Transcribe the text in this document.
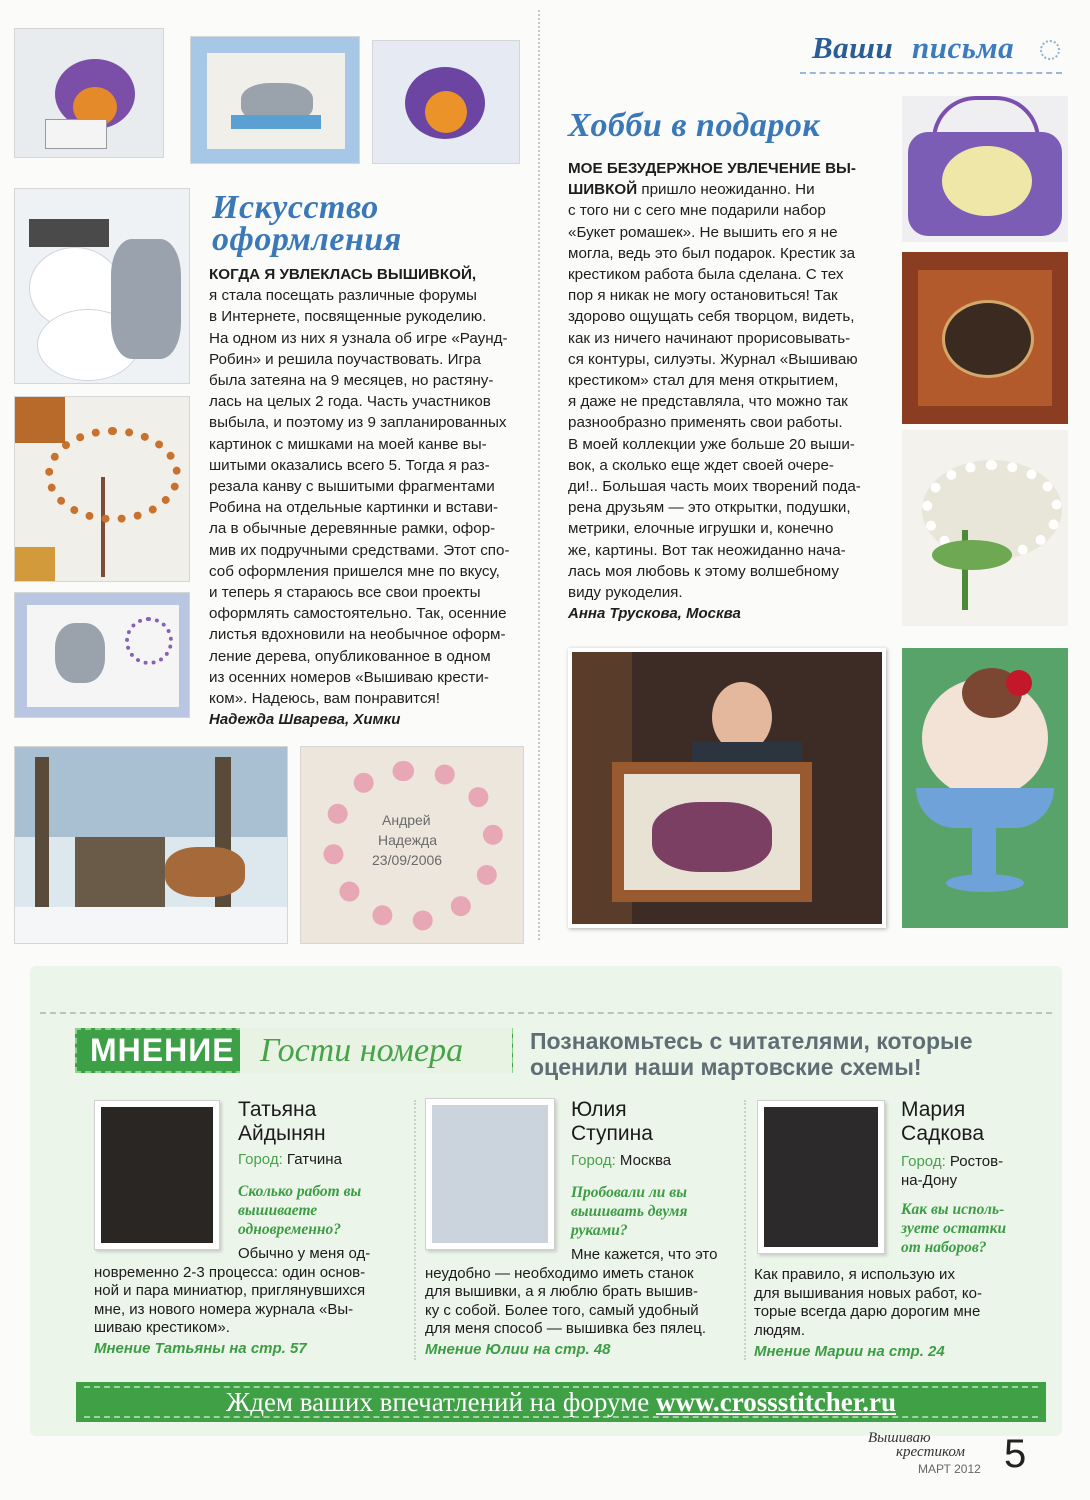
Ваши письма
Андрей
Надежда
23/09/2006
Искусство
оформления

КОГДА Я УВЛЕКЛАСЬ ВЫШИВКОЙ,

я стала посещать различные форумы

в Интернете, посвященные рукоделию.

На одном из них я узнала об игре «Раунд-

Робин» и решила поучаствовать. Игра

была затеяна на 9 месяцев, но растяну-

лась на целых 2 года. Часть участников

выбыла, и поэтому из 9 запланированных

картинок с мишками на моей канве вы-

шитыми оказались всего 5. Тогда я раз-

резала канву с вышитыми фрагментами

Робина на отдельные картинки и встави-

ла в обычные деревянные рамки, офор-

мив их подручными средствами. Этот спо-

соб оформления пришелся мне по вкусу,

и теперь я стараюсь все свои проекты

оформлять самостоятельно. Так, осенние

листья вдохновили на необычное оформ-

ление дерева, опубликованное в одном

из осенних номеров «Вышиваю крести-

ком». Надеюсь, вам понравится!

Надежда Шварева, Химки

Хобби в подарок

МОЕ БЕЗУДЕРЖНОЕ УВЛЕЧЕНИЕ ВЫ-

ШИВКОЙ пришло неожиданно. Ни

с того ни с сего мне подарили набор

«Букет ромашек». Не вышить его я не

могла, ведь это был подарок. Крестик за

крестиком работа была сделана. С тех

пор я никак не могу остановиться! Так

здорово ощущать себя творцом, видеть,

как из ничего начинают прорисовывать-

ся контуры, силуэты. Журнал «Вышиваю

крестиком» стал для меня открытием,

я даже не представляла, что можно так

разнообразно применять свои работы.

В моей коллекции уже больше 20 выши-

вок, а сколько еще ждет своей очере-

ди!.. Большая часть моих творений пода-

рена друзьям — это открытки, подушки,

метрики, елочные игрушки и, конечно

же, картины. Вот так неожиданно нача-

лась моя любовь к этому волшебному

виду рукоделия.

Анна Трускова, Москва

МНЕНИЕ Гости номера	Познакомьтесь с читателями, которые
оценили наши мартовские схемы!
Татьяна
Айдынян
Город: Гатчина
Сколько работ вы
вышиваете
одновременно?
Обычно у меня од-
новременно 2-3 процесса: один основ-
ной и пара миниатюр, приглянувшихся
мне, из нового номера журнала «Вы-
шиваю крестиком».
Мнение Татьяны на стр. 57
Юлия
Ступина
Город: Москва
Пробовали ли вы
вышивать двумя
руками?
Мне кажется, что это
неудобно — необходимо иметь станок
для вышивки, а я люблю брать вышив-
ку с собой. Более того, самый удобный
для меня способ — вышивка без пялец.
Мнение Юлии на стр. 48
Мария
Садкова
Город: Ростов-
на-Дону
Как вы исполь-
зуете остатки
от наборов?
Как правило, я использую их
для вышивания новых работ, ко-
торые всегда дарю дорогим мне
людям.
Мнение Марии на стр. 24
Ждем ваших впечатлений на форуме www.crossstitcher.ru
Вышиваю
крестиком
МАРТ 2012 5
